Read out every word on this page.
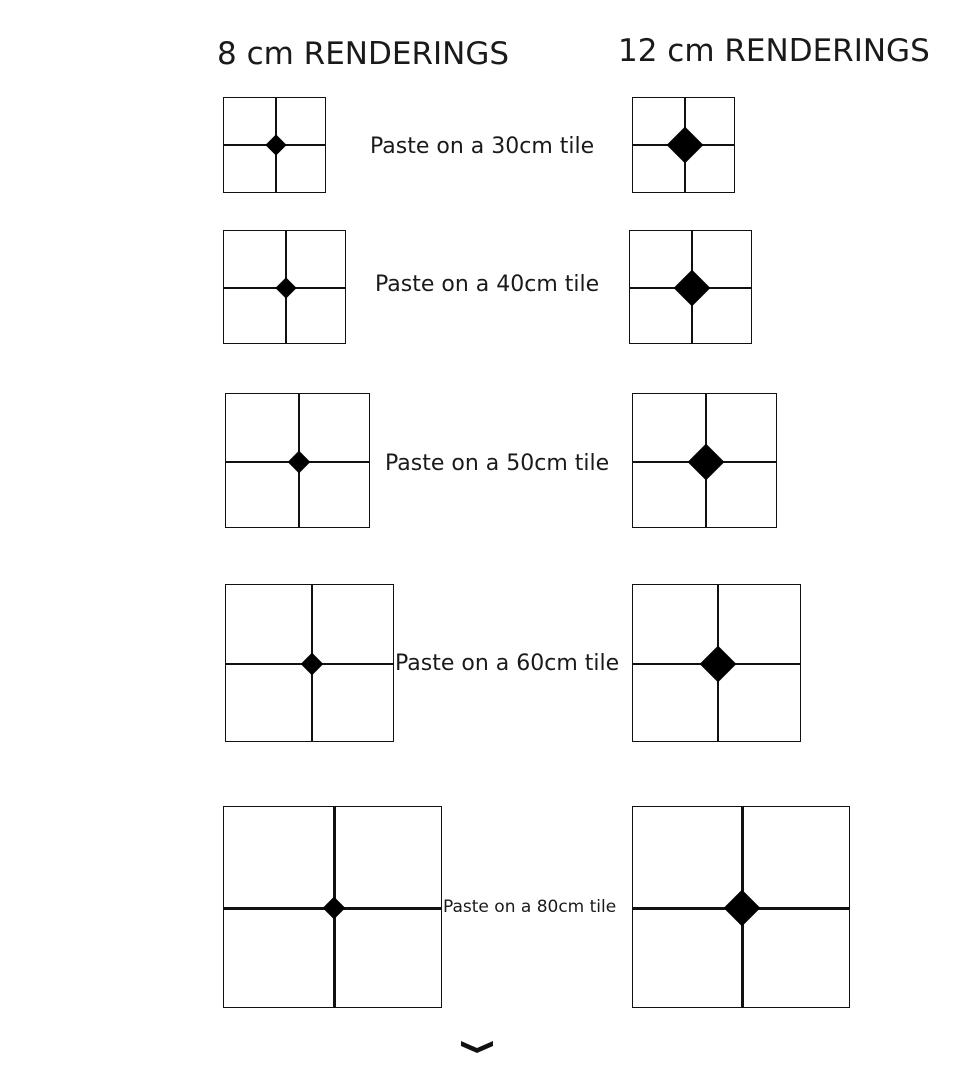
8 cm RENDERINGS	12 cm RENDERINGS
Paste on a 30cm tile
Paste on a 40cm tile
Paste on a 50cm tile
Paste on a 60cm tile
Paste on a 80cm tile
